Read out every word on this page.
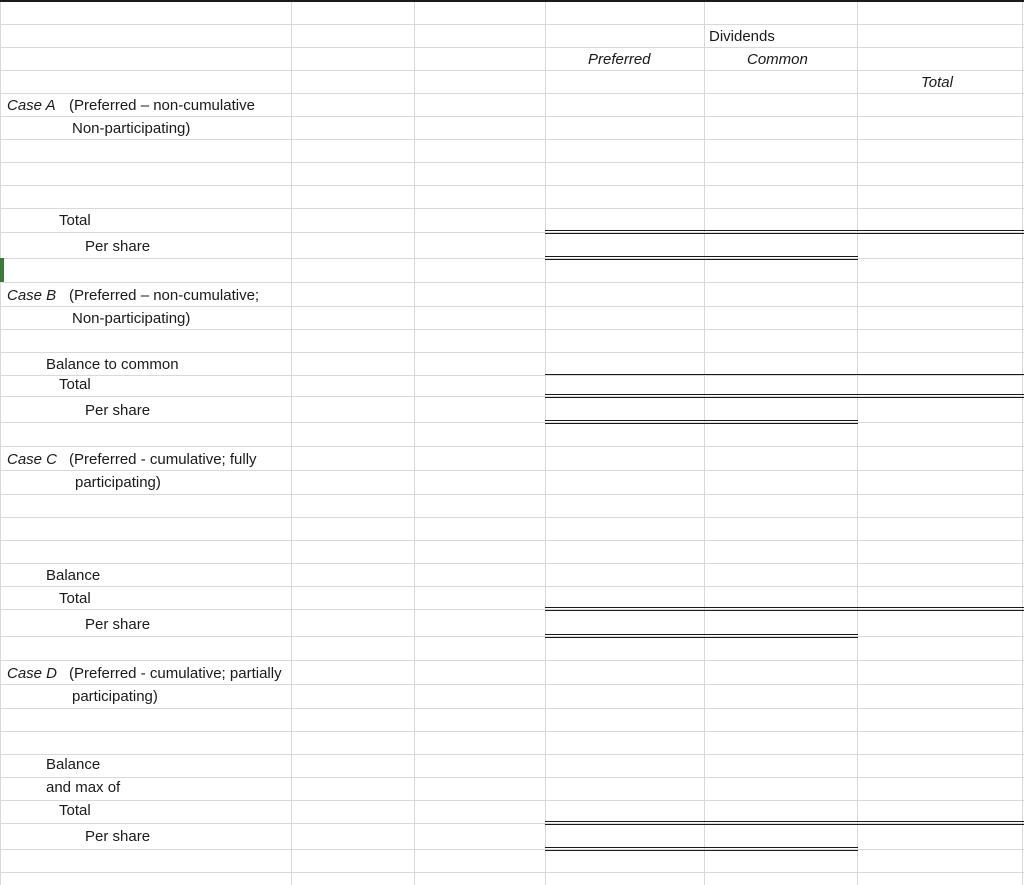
Dividends
Preferred	Common
Total
Case A (Preferred – non-cumulative
Non-participating)
Total
Per share
Case B (Preferred – non-cumulative;
Non-participating)
Balance to common
Total
Per share
Case C (Preferred - cumulative; fully
participating)
Balance
Total
Per share
Case D (Preferred - cumulative; partially
participating)
Balance
and max of
Total
Per share
